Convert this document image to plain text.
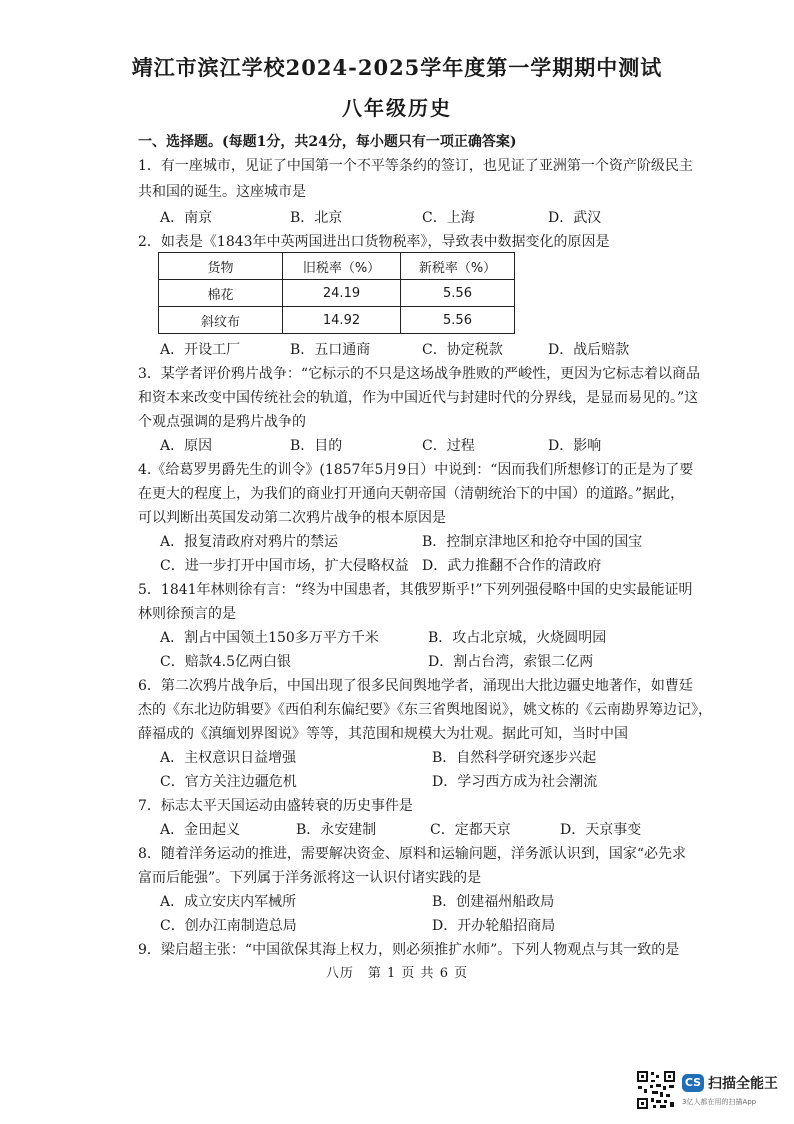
靖江市滨江学校2024-2025学年度第一学期期中测试
八年级历史
一、选择题。(每题1分，共24分，每小题只有一项正确答案)
1．有一座城市，见证了中国第一个不平等条约的签订，也见证了亚洲第一个资产阶级民主
共和国的诞生。这座城市是
A．南京	B．北京	C．上海	D．武汉
2．如表是《1843年中英两国进出口货物税率》，导致表中数据变化的原因是
货物	旧税率（%）	新税率（%）
棉花	24.19	5.56
斜纹布	14.92	5.56
A．开设工厂	B．五口通商	C．协定税款	D．战后赔款
3．某学者评价鸦片战争：“它标示的不只是这场战争胜败的严峻性，更因为它标志着以商品
和资本来改变中国传统社会的轨道，作为中国近代与封建时代的分界线，是显而易见的。”这
个观点强调的是鸦片战争的
A．原因	B．目的	C．过程	D．影响
4.《给葛罗男爵先生的训令》(1857年5月9日）中说到：“因而我们所想修订的正是为了要
在更大的程度上，为我们的商业打开通向天朝帝国（清朝统治下的中国）的道路。”据此，
可以判断出英国发动第二次鸦片战争的根本原因是
A．报复清政府对鸦片的禁运	B．控制京津地区和抢夺中国的国宝
C．进一步打开中国市场，扩大侵略权益 D．武力推翻不合作的清政府
5．1841年林则徐有言：“终为中国患者，其俄罗斯乎!”下列列强侵略中国的史实最能证明
林则徐预言的是
A．割占中国领土150多万平方千米	B．攻占北京城，火烧圆明园
C．赔款4.5亿两白银	D．割占台湾，索银二亿两
6．第二次鸦片战争后，中国出现了很多民间舆地学者，涌现出大批边疆史地著作，如曹廷
杰的《东北边防辑要》《西伯利东偏纪要》《东三省舆地图说》，姚文栋的《云南勘界筹边记》，
薛福成的《滇缅划界图说》等等，其范围和规模大为壮观。据此可知，当时中国
A．主权意识日益增强	B．自然科学研究逐步兴起
C．官方关注边疆危机	D．学习西方成为社会潮流
7．标志太平天国运动由盛转衰的历史事件是
A．金田起义	B．永安建制	C．定都天京	D．天京事变
8．随着洋务运动的推进，需要解决资金、原料和运输问题，洋务派认识到，国家“必先求
富而后能强”。下列属于洋务派将这一认识付诸实践的是
A．成立安庆内军械所	B．创建福州船政局
C．创办江南制造总局	D．开办轮船招商局
9．梁启超主张：“中国欲保其海上权力，则必须推扩水师”。下列人物观点与其一致的是
八历　第 1 页 共 6 页
CS 扫描全能王
3亿人都在用的扫描App
